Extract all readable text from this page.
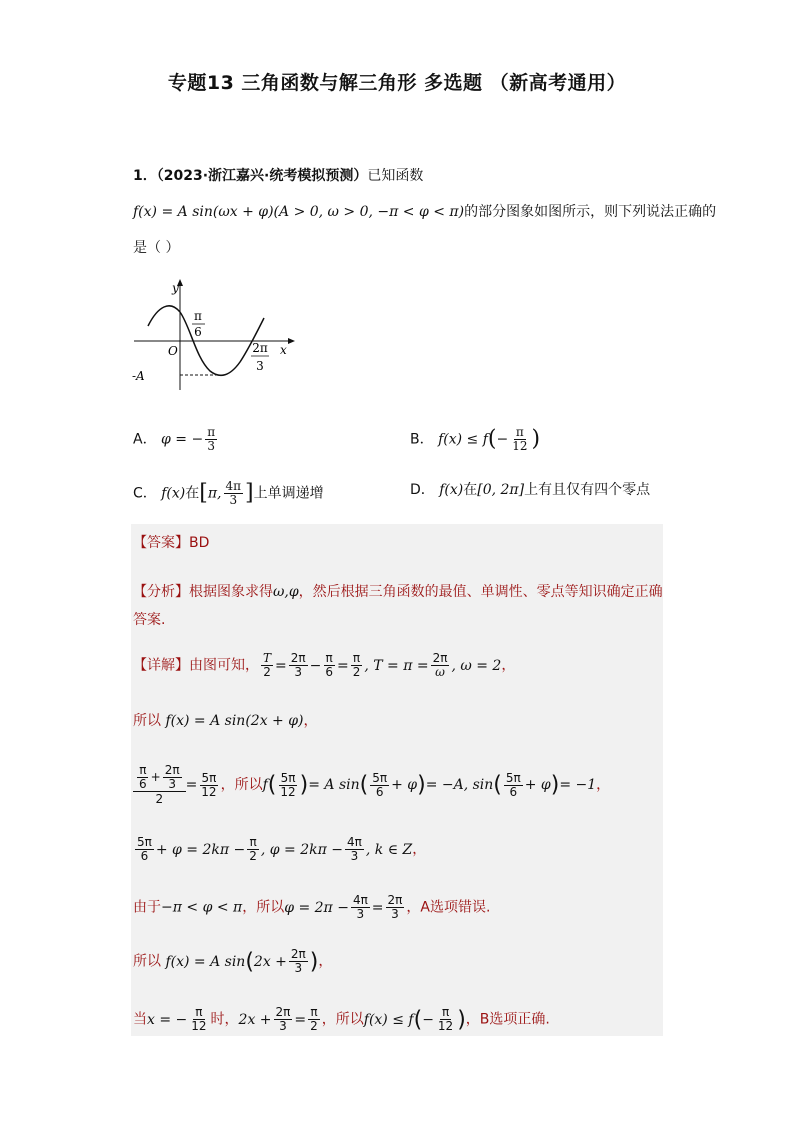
专题13 三角函数与解三角形 多选题 （新高考通用）
1．（2023·浙江嘉兴·统考模拟预测）已知函数
f(x) = A sin(ωx + φ)(A > 0, ω > 0, −π < φ < π)的部分图象如图所示，则下列说法正确的
是（ ）
y
x
O
-A
π
6
2π
3
A． φ = − $\frac{\pi}{3}$	B． $f(x) \le f(- \frac{\pi}{12}$ )
C． f(x)在[π, $\frac{4\pi}{3}$ ]上单调递增	D． f(x)在[0, 2π]上有且仅有四个零点
【答案】BD
【分析】根据图象求得ω,φ，然后根据三角函数的最值、单调性、零点等知识确定正确
答案.
【详解】由图可知， $\frac{T}{2} = \frac{2\pi}{3} - \frac{\pi}{6} = \frac{\pi}{2}$ , $T = \pi = \frac{2\pi}{\omega}$ , ω = 2，
所以 f(x) = A sin(2x + φ)，
$\frac{\frac{\pi}{6} + \frac{2\pi}{3}}{2} = \frac{5\pi}{12}$ ，所以$f( \frac{5\pi}{12}$ )= A $\sin( \frac{5\pi}{6} + \varphi)= -A$, $\sin( \frac{5\pi}{6} + \varphi)= -1$，
$\frac{5\pi}{6} + \varphi = 2k\pi - \frac{\pi}{2}$ , $\varphi = 2k\pi - \frac{4\pi}{3}$ , k ∈ Z，
由于−π < φ < π，所以$\varphi = 2\pi - \frac{4\pi}{3} = \frac{2\pi}{3}$ ，A选项错误.
所以 f(x) = A $\sin(2x + \frac{2\pi}{3}$ )，
当x = − $\frac{\pi}{12}$ 时，$2x + \frac{2\pi}{3} = \frac{\pi}{2}$ ，所以$f(x) \le f(- \frac{\pi}{12}$ )，B选项正确.
